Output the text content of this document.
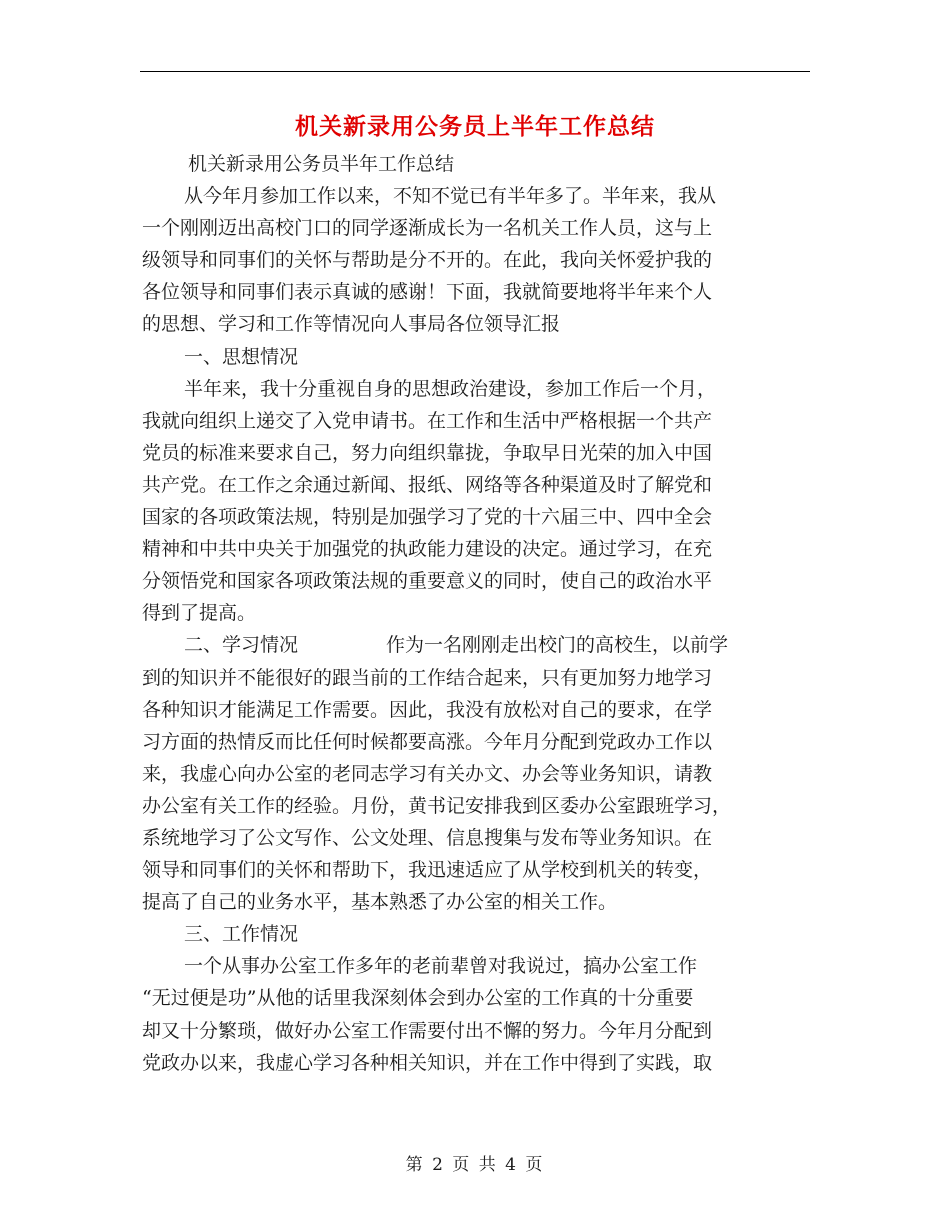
机关新录用公务员上半年工作总结
机关新录用公务员半年工作总结
从今年月参加工作以来，不知不觉已有半年多了。半年来，我从
一个刚刚迈出高校门口的同学逐渐成长为一名机关工作人员，这与上
级领导和同事们的关怀与帮助是分不开的。在此，我向关怀爱护我的
各位领导和同事们表示真诚的感谢！下面，我就简要地将半年来个人
的思想、学习和工作等情况向人事局各位领导汇报
一、思想情况
半年来，我十分重视自身的思想政治建设，参加工作后一个月，
我就向组织上递交了入党申请书。在工作和生活中严格根据一个共产
党员的标准来要求自己，努力向组织靠拢，争取早日光荣的加入中国
共产党。在工作之余通过新闻、报纸、网络等各种渠道及时了解党和
国家的各项政策法规，特别是加强学习了党的十六届三中、四中全会
精神和中共中央关于加强党的执政能力建设的决定。通过学习，在充
分领悟党和国家各项政策法规的重要意义的同时，使自己的政治水平
得到了提高。
二、学习情况	作为一名刚刚走出校门的高校生，以前学
到的知识并不能很好的跟当前的工作结合起来，只有更加努力地学习
各种知识才能满足工作需要。因此，我没有放松对自己的要求，在学
习方面的热情反而比任何时候都要高涨。今年月分配到党政办工作以
来，我虚心向办公室的老同志学习有关办文、办会等业务知识，请教
办公室有关工作的经验。月份，黄书记安排我到区委办公室跟班学习，
系统地学习了公文写作、公文处理、信息搜集与发布等业务知识。在
领导和同事们的关怀和帮助下，我迅速适应了从学校到机关的转变，
提高了自己的业务水平，基本熟悉了办公室的相关工作。
三、工作情况
一个从事办公室工作多年的老前辈曾对我说过，搞办公室工作
“无过便是功”从他的话里我深刻体会到办公室的工作真的十分重要
却又十分繁琐，做好办公室工作需要付出不懈的努力。今年月分配到
党政办以来，我虚心学习各种相关知识，并在工作中得到了实践，取
第 2 页 共 4 页
